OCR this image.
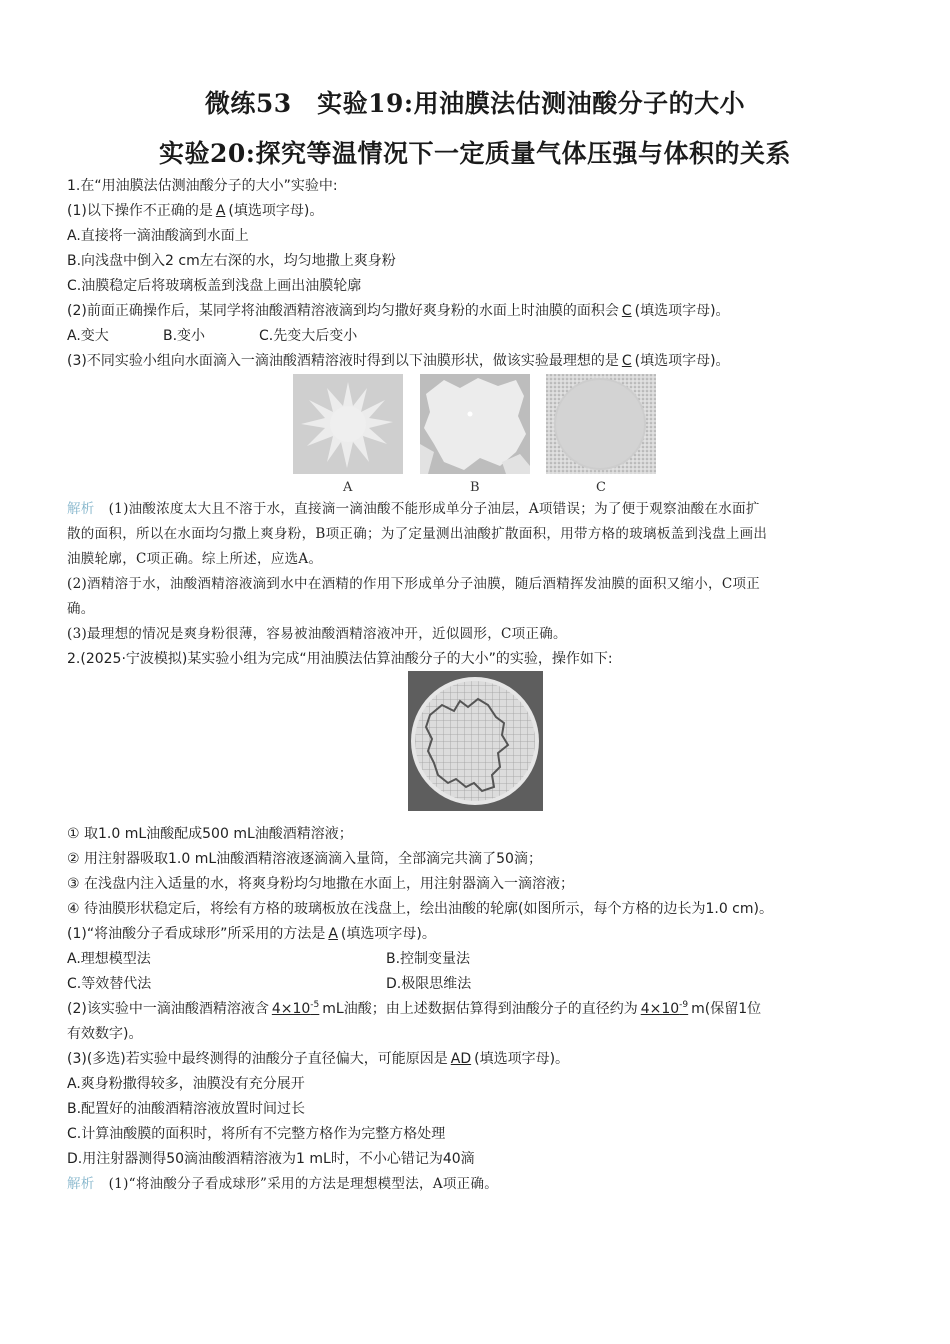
微练53　实验19:用油膜法估测油酸分子的大小
实验20:探究等温情况下一定质量气体压强与体积的关系
1.在“用油膜法估测油酸分子的大小”实验中:
(1)以下操作不正确的是 A (填选项字母)。
A.直接将一滴油酸滴到水面上
B.向浅盘中倒入2 cm左右深的水，均匀地撒上爽身粉
C.油膜稳定后将玻璃板盖到浅盘上画出油膜轮廓
(2)前面正确操作后，某同学将油酸酒精溶液滴到均匀撒好爽身粉的水面上时油膜的面积会 C (填选项字母)。
A.变大	B.变小	C.先变大后变小
(3)不同实验小组向水面滴入一滴油酸酒精溶液时得到以下油膜形状，做该实验最理想的是 C (填选项字母)。
A	B	C
解析 (1)油酸浓度太大且不溶于水，直接滴一滴油酸不能形成单分子油层，A项错误；为了便于观察油酸在水面扩
散的面积，所以在水面均匀撒上爽身粉，B项正确；为了定量测出油酸扩散面积，用带方格的玻璃板盖到浅盘上画出
油膜轮廓，C项正确。综上所述，应选A。
(2)酒精溶于水，油酸酒精溶液滴到水中在酒精的作用下形成单分子油膜，随后酒精挥发油膜的面积又缩小，C项正
确。
(3)最理想的情况是爽身粉很薄，容易被油酸酒精溶液冲开，近似圆形，C项正确。
2.(2025·宁波模拟)某实验小组为完成“用油膜法估算油酸分子的大小”的实验，操作如下:
① 取1.0 mL油酸配成500 mL油酸酒精溶液；
② 用注射器吸取1.0 mL油酸酒精溶液逐滴滴入量筒，全部滴完共滴了50滴；
③ 在浅盘内注入适量的水，将爽身粉均匀地撒在水面上，用注射器滴入一滴溶液；
④ 待油膜形状稳定后，将绘有方格的玻璃板放在浅盘上，绘出油酸的轮廓(如图所示，每个方格的边长为1.0 cm)。
(1)“将油酸分子看成球形”所采用的方法是 A (填选项字母)。
A.理想模型法	B.控制变量法
C.等效替代法	D.极限思维法
(2)该实验中一滴油酸酒精溶液含 $4\times 10^{-5}$ mL油酸；由上述数据估算得到油酸分子的直径约为 $4\times 10^{-9}$ m(保留1位
有效数字)。
(3)(多选)若实验中最终测得的油酸分子直径偏大，可能原因是 AD (填选项字母)。
A.爽身粉撒得较多，油膜没有充分展开
B.配置好的油酸酒精溶液放置时间过长
C.计算油酸膜的面积时，将所有不完整方格作为完整方格处理
D.用注射器测得50滴油酸酒精溶液为1 mL时，不小心错记为40滴
解析 (1)“将油酸分子看成球形”采用的方法是理想模型法，A项正确。
